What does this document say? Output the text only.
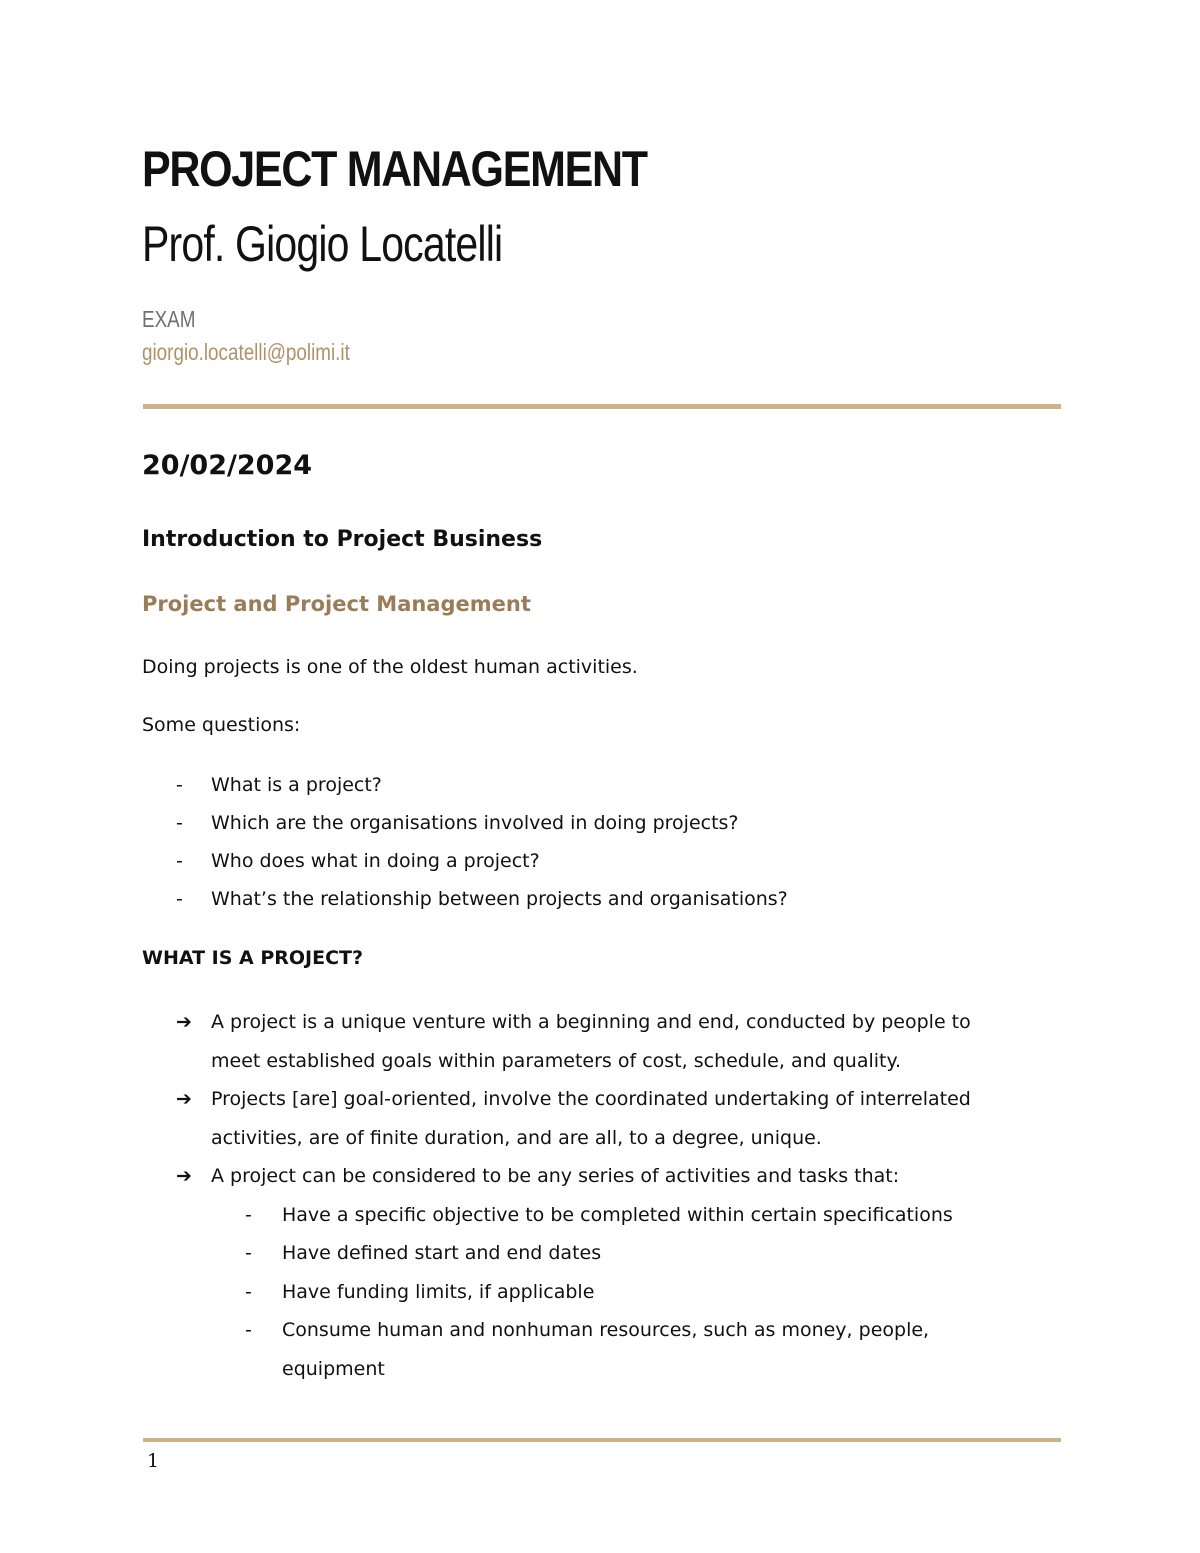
PROJECT MANAGEMENT
Prof. Giogio Locatelli
EXAM
giorgio.locatelli@polimi.it
20/02/2024
Introduction to Project Business
Project and Project Management

Doing projects is one of the oldest human activities.

Some questions:

- What is a project?
- Which are the organisations involved in doing projects?
- Who does what in doing a project?
- What’s the relationship between projects and organisations?

WHAT IS A PROJECT?

➔ A project is a unique venture with a beginning and end, conducted by people to
meet established goals within parameters of cost, schedule, and quality.
➔ Projects [are] goal-oriented, involve the coordinated undertaking of interrelated
activities, are of finite duration, and are all, to a degree, unique.
➔ A project can be considered to be any series of activities and tasks that:
- Have a specific objective to be completed within certain specifications
- Have defined start and end dates
- Have funding limits, if applicable
- Consume human and nonhuman resources, such as money, people,
equipment
1
